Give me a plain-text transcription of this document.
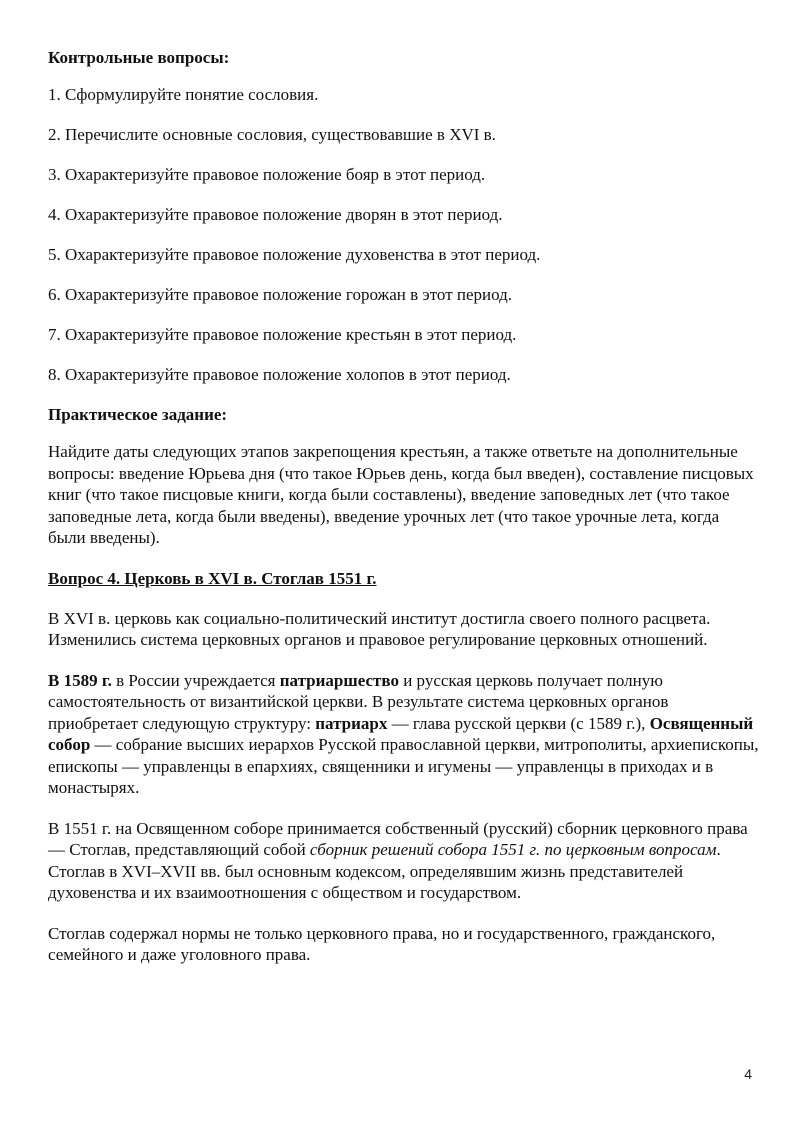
Контрольные вопросы:
1. Сформулируйте понятие сословия.
2. Перечислите основные сословия, существовавшие в XVI в.
3. Охарактеризуйте правовое положение бояр в этот период.
4. Охарактеризуйте правовое положение дворян в этот период.
5. Охарактеризуйте правовое положение духовенства в этот период.
6. Охарактеризуйте правовое положение горожан в этот период.
7. Охарактеризуйте правовое положение крестьян в этот период.
8. Охарактеризуйте правовое положение холопов в этот период.
Практическое задание:
Найдите даты следующих этапов закрепощения крестьян, а также ответьте на дополнительные вопросы: введение Юрьева дня (что такое Юрьев день, когда был введен), составление писцовых книг (что такое писцовые книги, когда были составлены), введение заповедных лет (что такое заповедные лета, когда были введены), введение урочных лет (что такое урочные лета, когда были введены).
Вопрос 4. Церковь в XVI в. Стоглав 1551 г.
В XVI в. церковь как социально-политический институт достигла своего полного расцвета. Изменились система церковных органов и правовое регулирование церковных отношений.
В 1589 г. в России учреждается патриаршество и русская церковь получает полную самостоятельность от византийской церкви. В результате система церковных органов приобретает следующую структуру: патриарх — глава русской церкви (с 1589 г.), Освященный собор — собрание высших иерархов Русской православной церкви, митрополиты, архиепископы, епископы — управленцы в епархиях, священники и игумены — управленцы в приходах и в монастырях.
В 1551 г. на Освященном соборе принимается собственный (русский) сборник церковного права — Стоглав, представляющий собой сборник решений собора 1551 г. по церковным вопросам. Стоглав в XVI–XVII вв. был основным кодексом, определявшим жизнь представителей духовенства и их взаимоотношения с обществом и государством.
Стоглав содержал нормы не только церковного права, но и государственного, гражданского, семейного и даже уголовного права.
4
